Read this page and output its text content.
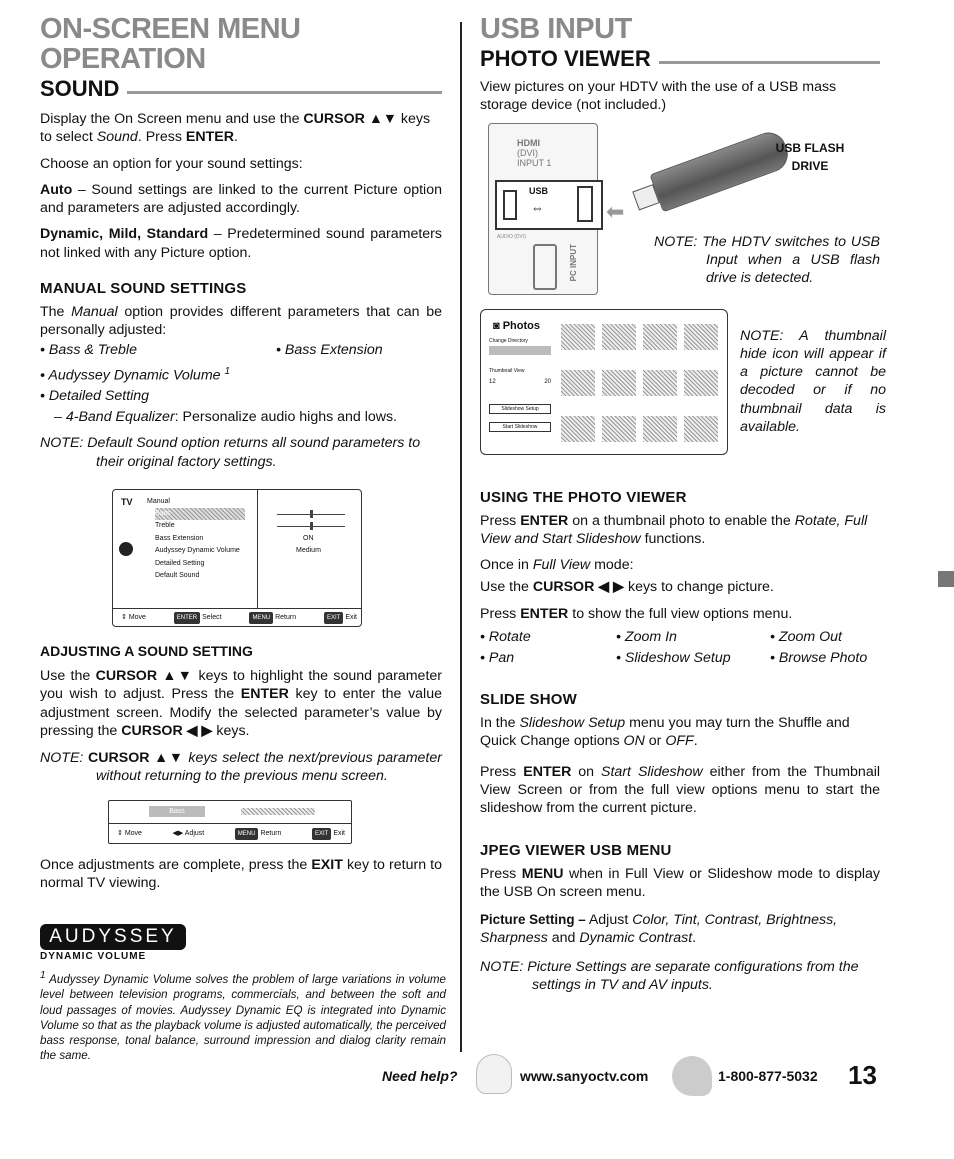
ON-SCREEN MENU OPERATION
SOUND

Display the On Screen menu and use the CURSOR ▲▼ keys to select Sound. Press ENTER.

Choose an option for your sound settings:

Auto – Sound settings are linked to the current Picture option and parameters are adjusted accordingly.

Dynamic, Mild, Standard – Predetermined sound parameters not linked with any Picture option.

MANUAL SOUND SETTINGS

The Manual option provides different parameters that can be personally adjusted:

• Bass & Treble	• Bass Extension
• Audyssey Dynamic Volume $^1$
• Detailed Setting
– 4-Band Equalizer: Personalize audio highs and lows.
NOTE: Default Sound option returns all sound parameters to their original factory settings.
TV Manual
Bass
Treble
Bass Extension
Audyssey Dynamic Volume
Detailed Setting
Default Sound
ON
Medium
⇕ Move	ENTER Select	MENU Return	EXIT Exit
ADJUSTING A SOUND SETTING

Use the CURSOR ▲▼ keys to highlight the sound parameter you wish to adjust. Press the ENTER key to enter the value adjustment screen. Modify the selected parameter’s value by pressing the CURSOR ◀ ▶ keys.

NOTE: CURSOR ▲▼ keys select the next/previous parameter without returning to the previous menu screen.
Bass
⇕ Move	◀▶ Adjust	MENU Return	EXIT Exit

Once adjustments are complete, press the EXIT key to return to normal TV viewing.

AUDYSSEY
DYNAMIC VOLUME
$^1$ Audyssey Dynamic Volume solves the problem of large variations in volume level between television programs, commercials, and between the soft and loud passages of movies. Audyssey Dynamic EQ is integrated into Dynamic Volume so that as the playback volume is adjusted automatically, the perceived bass response, tonal balance, surround impression and dialog clarity remain the same.
USB INPUT
PHOTO VIEWER

View pictures on your HDTV with the use of a USB mass storage device (not included.)

HDMI
(DVI)
INPUT 1
USB
⇔
AUDIO (DVI)
PC INPUT
⬅
USB FLASH
DRIVE
NOTE: The HDTV switches to USB Input when a USB flash drive is detected.
◙ Photos
Change Directory
Thumbnail View
12	20
Slideshow Setup
Start Slideshow
NOTE: A thumbnail hide icon will appear if a picture cannot be decoded or if no thumbnail data is available.
USING THE PHOTO VIEWER

Press ENTER on a thumbnail photo to enable the Rotate, Full View and Start Slideshow functions.

Once in Full View mode:

Use the CURSOR ◀ ▶ keys to change picture.

Press ENTER to show the full view options menu.

• Rotate	• Zoom In	• Zoom Out
• Pan	• Slideshow Setup	• Browse Photo
SLIDE SHOW

In the Slideshow Setup menu you may turn the Shuffle and Quick Change options ON or OFF.

Press ENTER on Start Slideshow either from the Thumbnail View Screen or from the full view options menu to start the slideshow from the current picture.

JPEG VIEWER USB MENU

Press MENU when in Full View or Slideshow mode to display the USB On screen menu.

Picture Setting – Adjust Color, Tint, Contrast, Brightness, Sharpness and Dynamic Contrast.

NOTE: Picture Settings are separate configurations from the settings in TV and AV inputs.
Need help?	www.sanyoctv.com	1-800-877-5032 13
